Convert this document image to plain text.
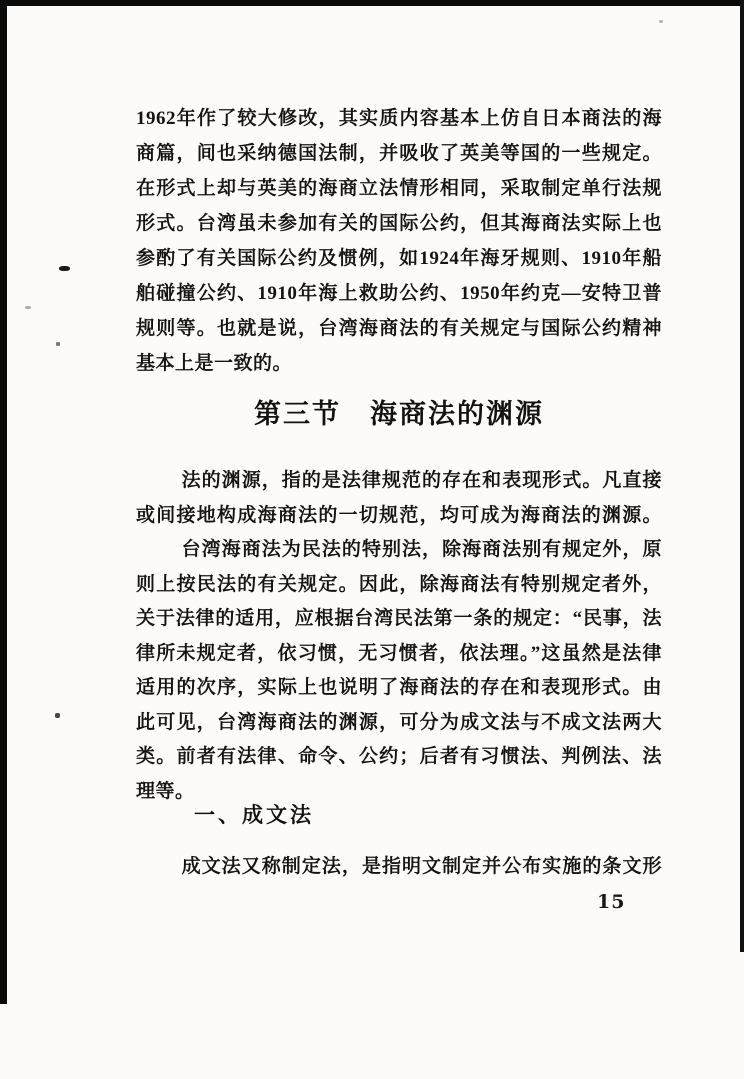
1962年作了较大修改，其实质内容基本上仿自日本商法的海
商篇，间也采纳德国法制，并吸收了英美等国的一些规定。
在形式上却与英美的海商立法情形相同，采取制定单行法规
形式。台湾虽未参加有关的国际公约，但其海商法实际上也
参酌了有关国际公约及惯例，如1924年海牙规则、1910年船
舶碰撞公约、1910年海上救助公约、1950年约克—安特卫普
规则等。也就是说，台湾海商法的有关规定与国际公约精神
基本上是一致的。
第三节　海商法的渊源
法的渊源，指的是法律规范的存在和表现形式。凡直接
或间接地构成海商法的一切规范，均可成为海商法的渊源。
台湾海商法为民法的特别法，除海商法别有规定外，原
则上按民法的有关规定。因此，除海商法有特别规定者外，
关于法律的适用，应根据台湾民法第一条的规定：“民事，法
律所未规定者，依习惯，无习惯者，依法理。”这虽然是法律
适用的次序，实际上也说明了海商法的存在和表现形式。由
此可见，台湾海商法的渊源，可分为成文法与不成文法两大
类。前者有法律、命令、公约；后者有习惯法、判例法、法
理等。
一、成文法
成文法又称制定法，是指明文制定并公布实施的条文形
15
